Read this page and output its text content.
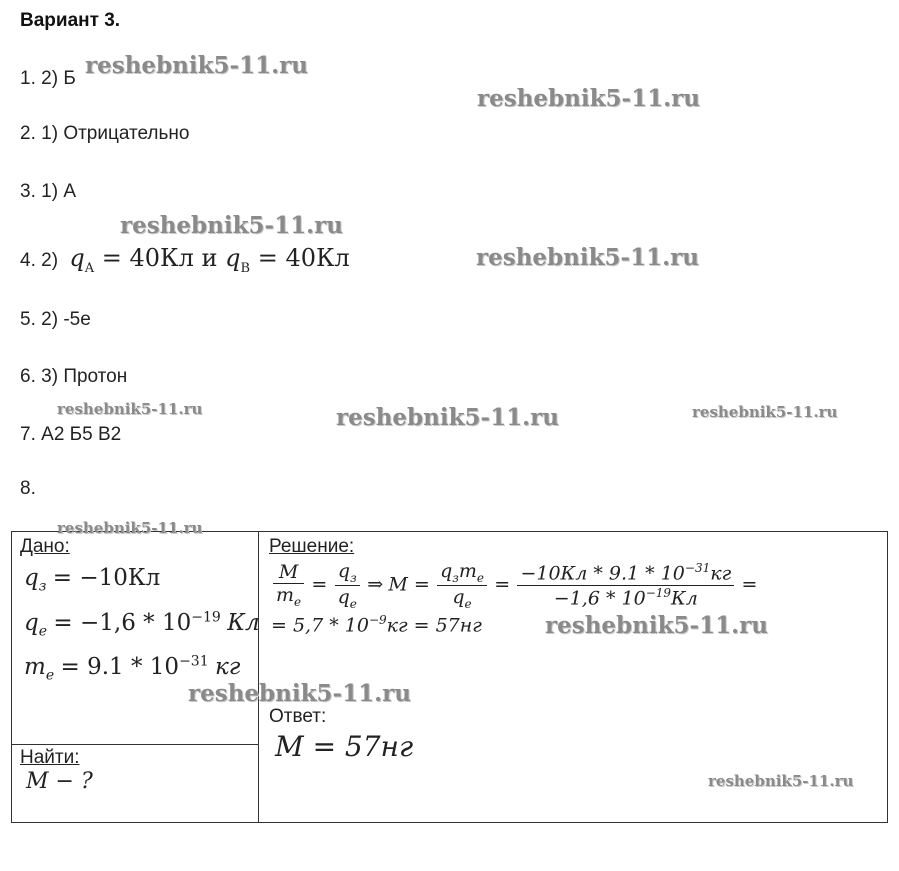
Вариант 3.
1. 2) Б
2. 1) Отрицательно
3. 1) А
4. 2) $q_A = 40Кл$ и $q_B = 40Кл$
5. 2) -5e
6. 3) Протон
7. А2 Б5 В2
8.
Дано:
$q_з = -10Кл$
$q_e = -1,6 * 10^{-19}$ Кл
$m_e = 9.1 * 10^{-31}$ кг

Решение:
$\frac{M}{m_e} = \frac{q_з}{q_e}$ ⇒ $M = \frac{q_зm_e}{q_e} = \frac{-10Кл * 9.1 * 10^{-31}кг}{-1,6 * 10^{-19}Кл}$ =
= $5,7 * 10^{-9}кг = 57нг$
Ответ:
M = 57нг

Найти:
M − ?
reshebnik5-11.ru
reshebnik5-11.ru
reshebnik5-11.ru
reshebnik5-11.ru
reshebnik5-11.ru	reshebnik5-11.ru	reshebnik5-11.ru
reshebnik5-11.ru
reshebnik5-11.ru
reshebnik5-11.ru
reshebnik5-11.ru
